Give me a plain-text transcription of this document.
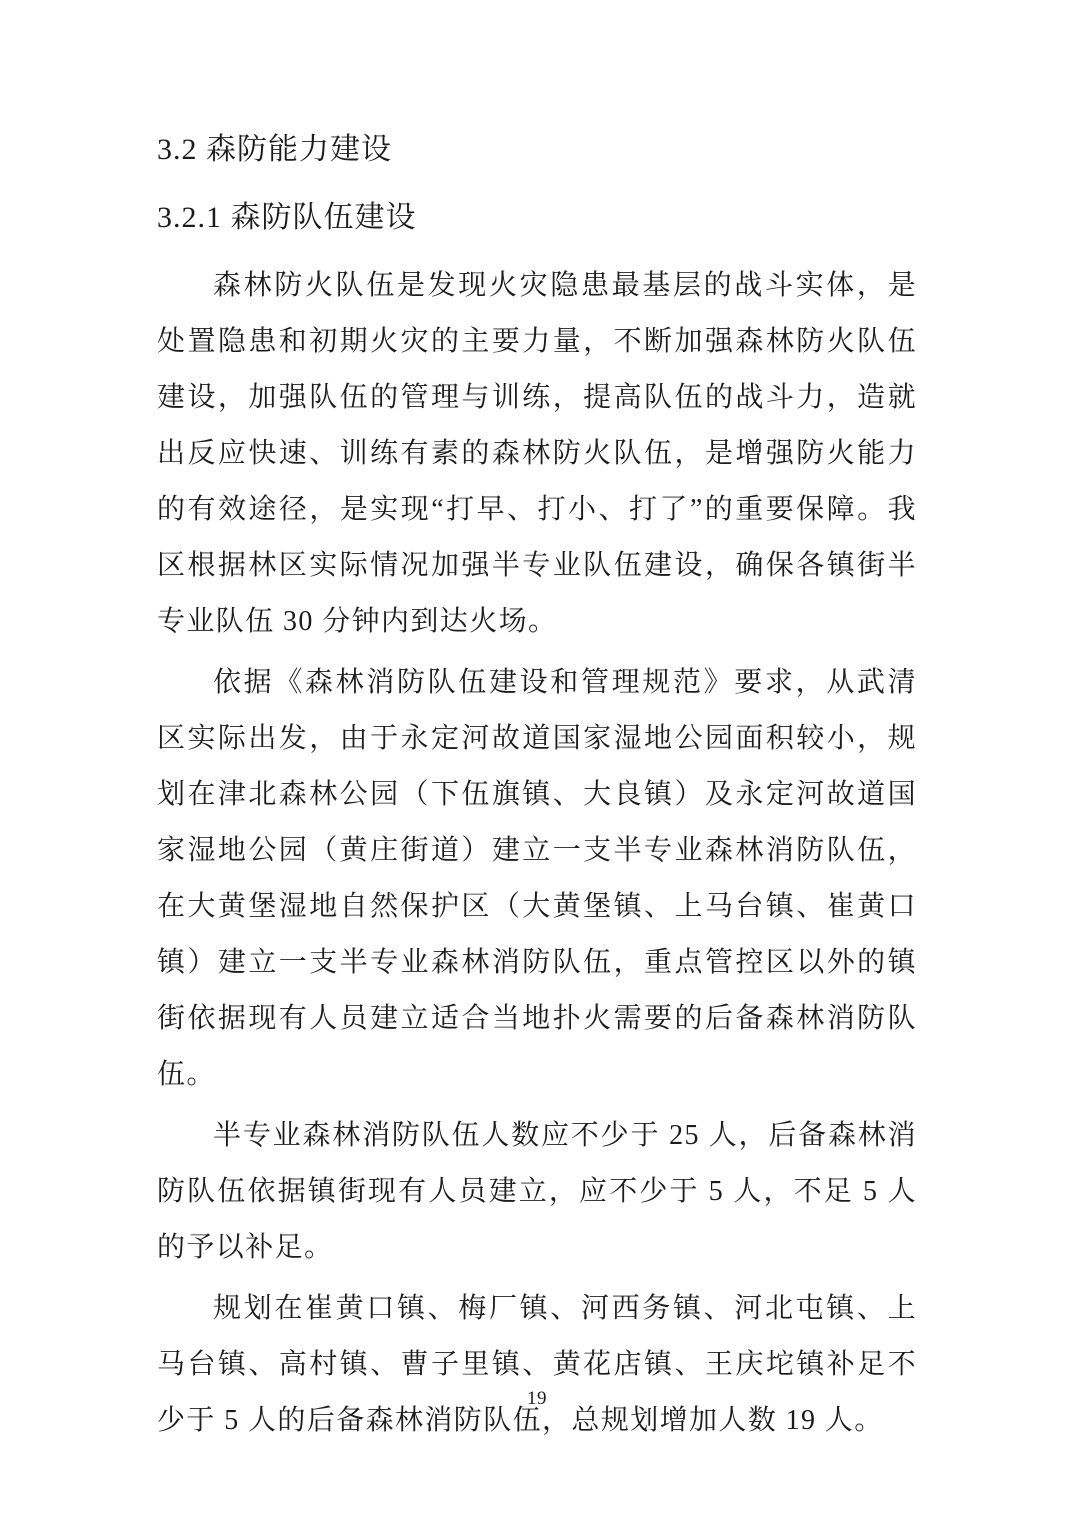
3.2 森防能力建设
3.2.1 森防队伍建设

森林防火队伍是发现火灾隐患最基层的战斗实体，是处置隐患和初期火灾的主要力量，不断加强森林防火队伍建设，加强队伍的管理与训练，提高队伍的战斗力，造就出反应快速、训练有素的森林防火队伍，是增强防火能力的有效途径，是实现“打早、打小、打了”的重要保障。我区根据林区实际情况加强半专业队伍建设，确保各镇街半专业队伍 30 分钟内到达火场。

依据《森林消防队伍建设和管理规范》要求，从武清区实际出发，由于永定河故道国家湿地公园面积较小，规划在津北森林公园（下伍旗镇、大良镇）及永定河故道国家湿地公园（黄庄街道）建立一支半专业森林消防队伍，在大黄堡湿地自然保护区（大黄堡镇、上马台镇、崔黄口镇）建立一支半专业森林消防队伍，重点管控区以外的镇街依据现有人员建立适合当地扑火需要的后备森林消防队伍。

半专业森林消防队伍人数应不少于 25 人，后备森林消防队伍依据镇街现有人员建立，应不少于 5 人，不足 5 人的予以补足。

规划在崔黄口镇、梅厂镇、河西务镇、河北屯镇、上马台镇、高村镇、曹子里镇、黄花店镇、王庆坨镇补足不少于 5 人的后备森林消防队伍，总规划增加人数 19 人。

19
